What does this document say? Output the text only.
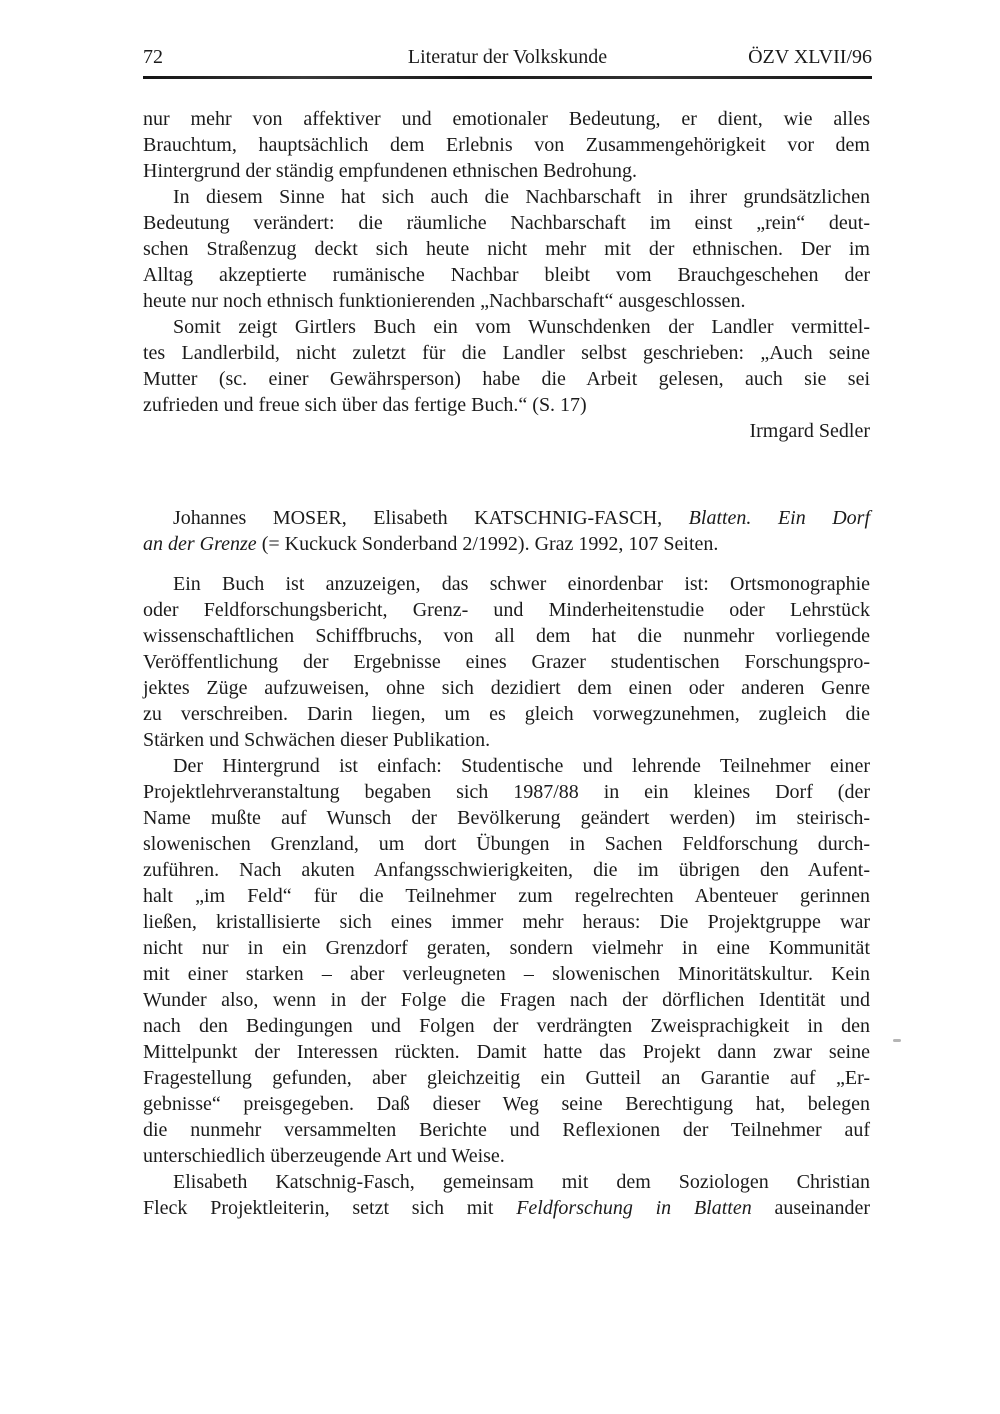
72	Literatur der Volkskunde	ÖZV XLVII/96
nur mehr von affektiver und emotionaler Bedeutung, er dient, wie alles
Brauchtum, hauptsächlich dem Erlebnis von Zusammengehörigkeit vor dem
Hintergrund der ständig empfundenen ethnischen Bedrohung.
In diesem Sinne hat sich auch die Nachbarschaft in ihrer grundsätzlichen
Bedeutung verändert: die räumliche Nachbarschaft im einst „rein“ deut-
schen Straßenzug deckt sich heute nicht mehr mit der ethnischen. Der im
Alltag akzeptierte rumänische Nachbar bleibt vom Brauchgeschehen der
heute nur noch ethnisch funktionierenden „Nachbarschaft“ ausgeschlossen.
Somit zeigt Girtlers Buch ein vom Wunschdenken der Landler vermittel-
tes Landlerbild, nicht zuletzt für die Landler selbst geschrieben: „Auch seine
Mutter (sc. einer Gewährsperson) habe die Arbeit gelesen, auch sie sei
zufrieden und freue sich über das fertige Buch.“ (S. 17)
Irmgard Sedler
Johannes MOSER, Elisabeth KATSCHNIG-FASCH, Blatten. Ein Dorf
an der Grenze (= Kuckuck Sonderband 2/1992). Graz 1992, 107 Seiten.
Ein Buch ist anzuzeigen, das schwer einordenbar ist: Ortsmonographie
oder Feldforschungsbericht, Grenz- und Minderheitenstudie oder Lehrstück
wissenschaftlichen Schiffbruchs, von all dem hat die nunmehr vorliegende
Veröffentlichung der Ergebnisse eines Grazer studentischen Forschungspro-
jektes Züge aufzuweisen, ohne sich dezidiert dem einen oder anderen Genre
zu verschreiben. Darin liegen, um es gleich vorwegzunehmen, zugleich die
Stärken und Schwächen dieser Publikation.
Der Hintergrund ist einfach: Studentische und lehrende Teilnehmer einer
Projektlehrveranstaltung begaben sich 1987/88 in ein kleines Dorf (der
Name mußte auf Wunsch der Bevölkerung geändert werden) im steirisch-
slowenischen Grenzland, um dort Übungen in Sachen Feldforschung durch-
zuführen. Nach akuten Anfangsschwierigkeiten, die im übrigen den Aufent-
halt „im Feld“ für die Teilnehmer zum regelrechten Abenteuer gerinnen
ließen, kristallisierte sich eines immer mehr heraus: Die Projektgruppe war
nicht nur in ein Grenzdorf geraten, sondern vielmehr in eine Kommunität
mit einer starken – aber verleugneten – slowenischen Minoritätskultur. Kein
Wunder also, wenn in der Folge die Fragen nach der dörflichen Identität und
nach den Bedingungen und Folgen der verdrängten Zweisprachigkeit in den
Mittelpunkt der Interessen rückten. Damit hatte das Projekt dann zwar seine
Fragestellung gefunden, aber gleichzeitig ein Gutteil an Garantie auf „Er-
gebnisse“ preisgegeben. Daß dieser Weg seine Berechtigung hat, belegen
die nunmehr versammelten Berichte und Reflexionen der Teilnehmer auf
unterschiedlich überzeugende Art und Weise.
Elisabeth Katschnig-Fasch, gemeinsam mit dem Soziologen Christian
Fleck Projektleiterin, setzt sich mit Feldforschung in Blatten auseinander
